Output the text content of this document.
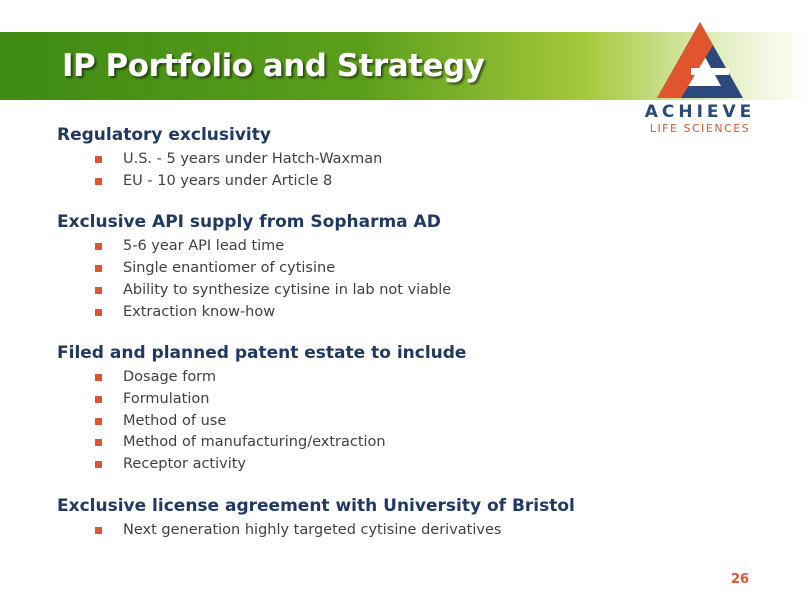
IP Portfolio and Strategy
ACHIEVE
LIFE SCIENCES
Regulatory exclusivity
U.S. - 5 years under Hatch-Waxman
EU - 10 years under Article 8
Exclusive API supply from Sopharma AD
5-6 year API lead time
Single enantiomer of cytisine
Ability to synthesize cytisine in lab not viable
Extraction know-how
Filed and planned patent estate to include
Dosage form
Formulation
Method of use
Method of manufacturing/extraction
Receptor activity
Exclusive license agreement with University of Bristol
Next generation highly targeted cytisine derivatives
26
